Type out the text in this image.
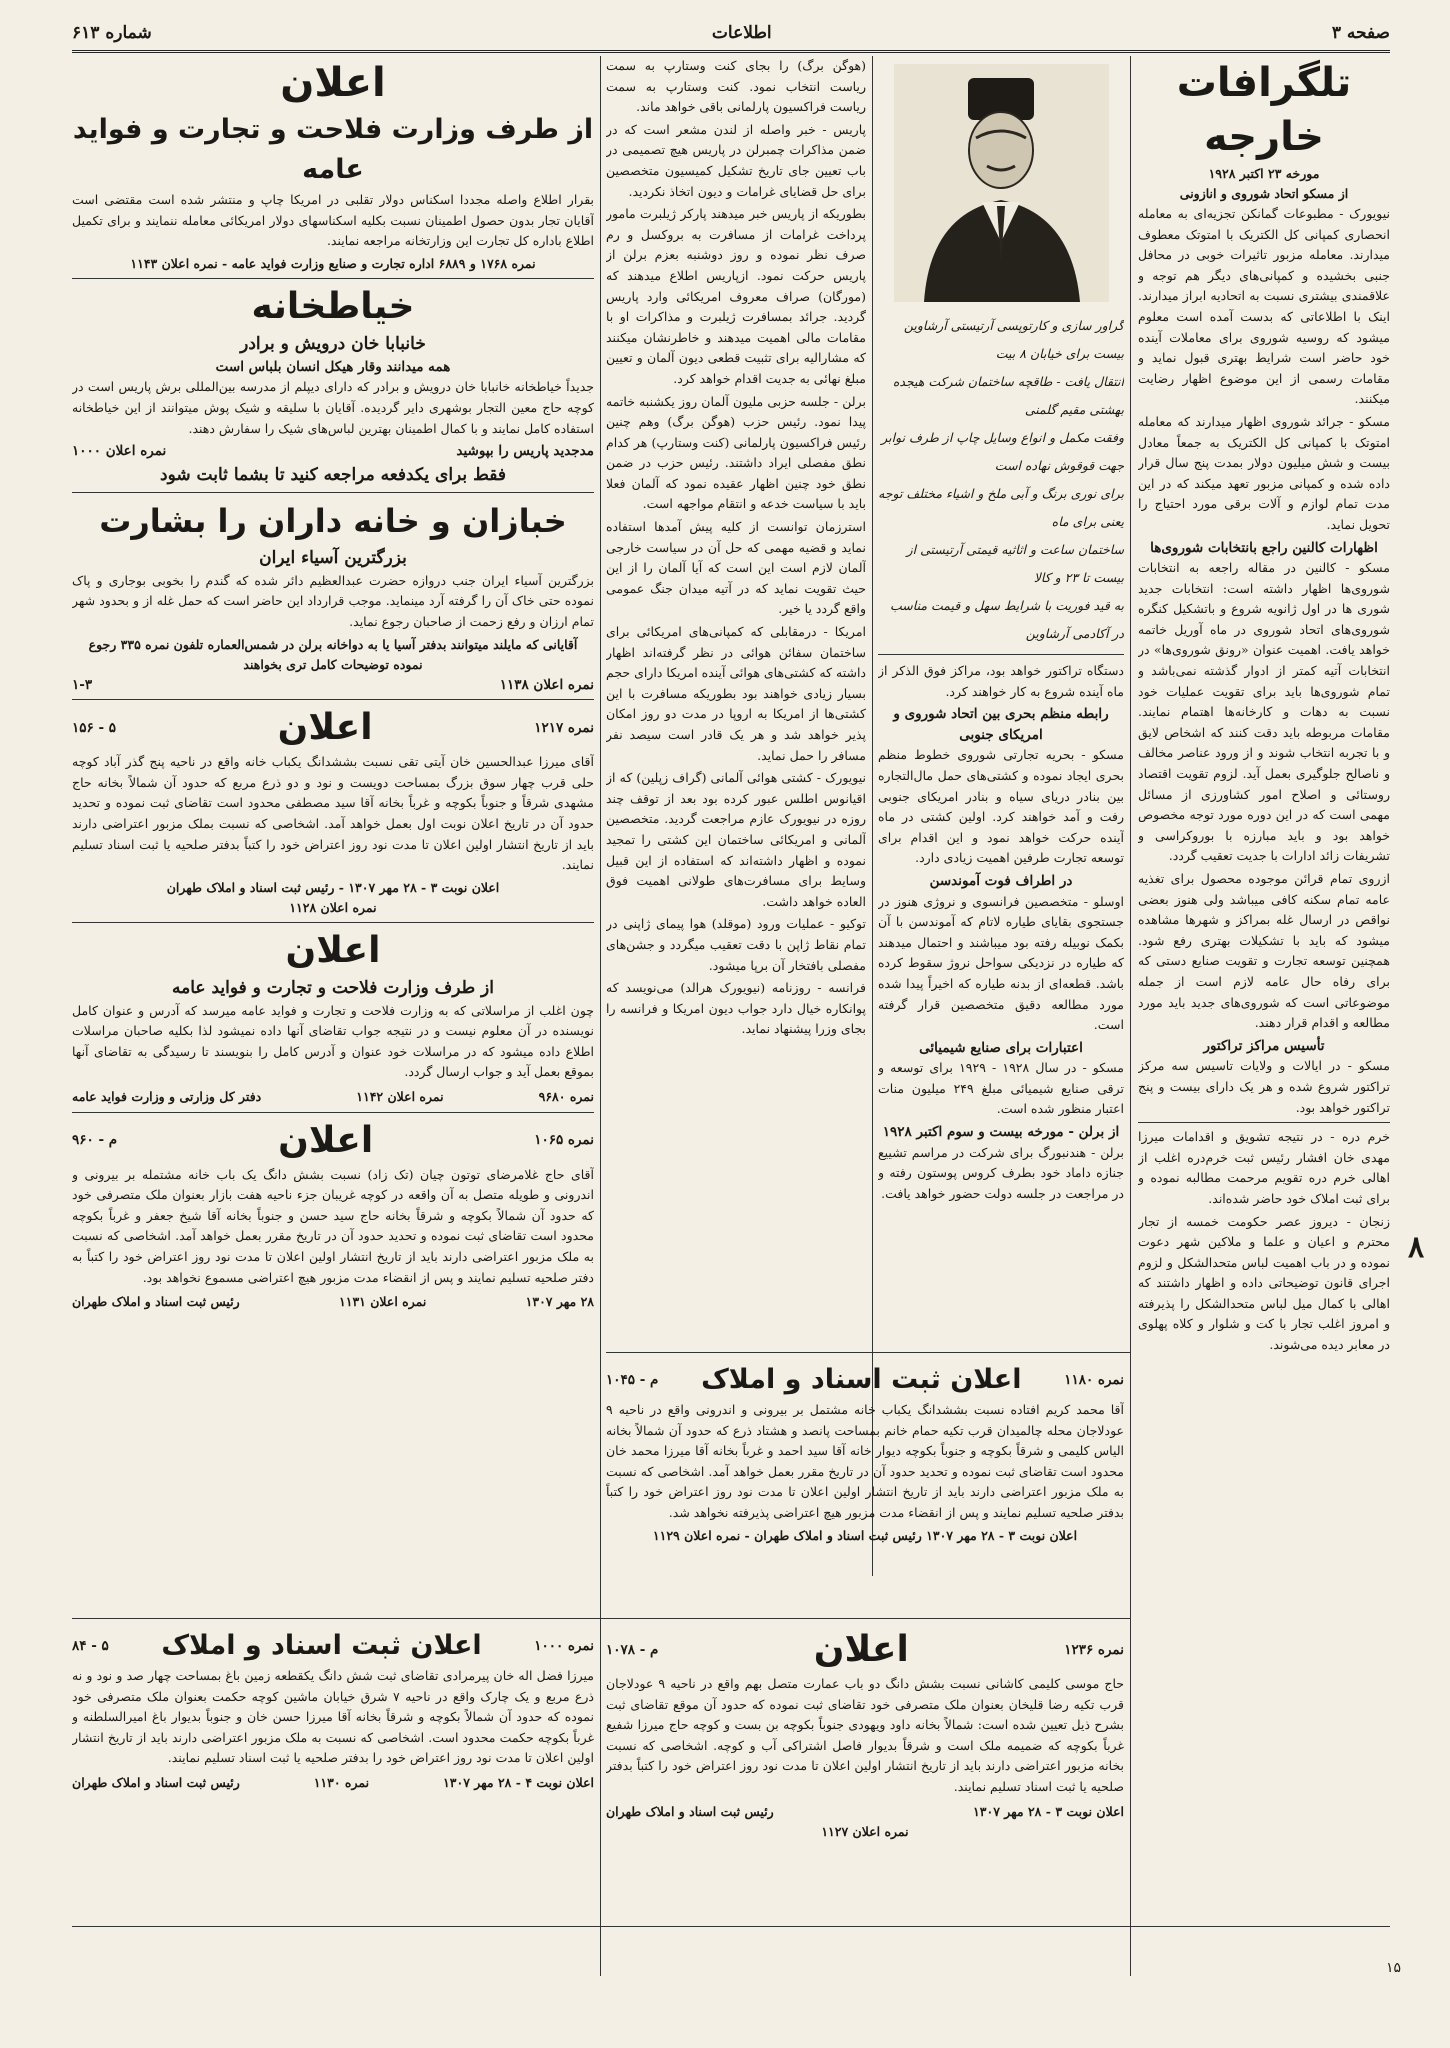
صفحه ۳
اطلاعات
شماره ۶۱۳
تلگرافات خارجه
مورخه ۲۳ اکتبر ۱۹۲۸
از مسکو اتحاد شوروی و انازونی

نیویورک - مطبوعات گمانکن تجزیه‌ای به معامله انحصاری کمپانی کل الکتریک با امتوتک معطوف میدارند. معامله مزبور تاثیرات خوبی در محافل جنبی بخشیده و کمپانی‌های دیگر هم توجه و علاقمندی بیشتری نسبت به اتحادیه ابراز میدارند. اینک با اطلاعاتی که بدست آمده است معلوم میشود که روسیه شوروی برای معاملات آینده خود حاضر است شرایط بهتری قبول نماید و مقامات رسمی از این موضوع اظهار رضایت میکنند.

مسکو - جرائد شوروی اظهار میدارند که معامله امتوتک با کمپانی کل الکتریک به جمعاً معادل بیست و شش میلیون دولار بمدت پنج سال قرار داده شده و کمپانی مزبور تعهد میکند که در این مدت تمام لوازم و آلات برقی مورد احتیاج را تحویل نماید.

اظهارات کالنین راجع بانتخابات شوروی‌ها

مسکو - کالنین در مقاله راجعه به انتخابات شوروی‌ها اظهار داشته است: انتخابات جدید شوری ها در اول ژانویه شروع و باتشکیل کنگره شوروی‌های اتحاد شوروی در ماه آوریل خاتمه خواهد یافت. اهمیت عنوان «رونق شوروی‌ها» در انتخابات آتیه کمتر از ادوار گذشته نمی‌باشد و تمام شوروی‌ها باید برای تقویت عملیات خود نسبت به دهات و کارخانه‌ها اهتمام نمایند. مقامات مربوطه باید دقت کنند که اشخاص لایق و با تجربه انتخاب شوند و از ورود عناصر مخالف و ناصالح جلوگیری بعمل آید. لزوم تقویت اقتصاد روستائی و اصلاح امور کشاورزی از مسائل مهمی است که در این دوره مورد توجه مخصوص خواهد بود و باید مبارزه با بوروکراسی و تشریفات زائد ادارات با جدیت تعقیب گردد.

ازروی تمام قرائن موجوده محصول برای تغذیه عامه تمام سکنه کافی میباشد ولی هنوز بعضی نواقص در ارسال غله بمراکز و شهرها مشاهده میشود که باید با تشکیلات بهتری رفع شود. همچنین توسعه تجارت و تقویت صنایع دستی که برای رفاه حال عامه لازم است از جمله موضوعاتی است که شوروی‌های جدید باید مورد مطالعه و اقدام قرار دهند.

تأسیس مراکز تراکتور

مسکو - در ایالات و ولایات تاسیس سه مرکز تراکتور شروع شده و هر یک دارای بیست و پنج تراکتور خواهد بود.

خرم دره - در نتیجه تشویق و اقدامات میرزا مهدی خان افشار رئیس ثبت خرم‌دره اغلب از اهالی خرم دره تقویم مرحمت مطالبه نموده و برای ثبت املاک خود حاضر شده‌اند.

زنجان - دیروز عصر حکومت خمسه از تجار محترم و اعیان و علما و ملاکین شهر دعوت نموده و در باب اهمیت لباس متحدالشکل و لزوم اجرای قانون توضیحاتی داده و اظهار داشتند که اهالی با کمال میل لباس متحدالشکل را پذیرفته و امروز اغلب تجار با کت و شلوار و کلاه پهلوی در معابر دیده می‌شوند.

گراور سازی و کارتوپسی آرتیستی آرشاوین بیست برای خیابان ۸ بیت
انتقال یافت - طاقچه ساختمان شرکت هیجده بهشتی مقیم گلمنی
وفقت مکمل و انواع وسایل چاپ از طرف نوابر جهت قوقوش نهاده است
برای نوری برنگ و آبی ملخ و اشیاء مختلف توجه یعنی برای ماه
ساختمان ساعت و اثاثیه قیمتی آرتیستی از بیست تا ۲۳ و کالا
به قید فوریت با شرایط سهل و قیمت مناسب در آکادمی آرشاوین

دستگاه تراکتور خواهد بود، مراکز فوق الذکر از ماه آینده شروع به کار خواهند کرد.

رابطه منظم بحری بین اتحاد شوروی و امریکای جنوبی

مسکو - بحریه تجارتی شوروی خطوط منظم بحری ایجاد نموده و کشتی‌های حمل مال‌التجاره بین بنادر دریای سیاه و بنادر امریکای جنوبی رفت و آمد خواهند کرد. اولین کشتی در ماه آینده حرکت خواهد نمود و این اقدام برای توسعه تجارت طرفین اهمیت زیادی دارد.

در اطراف فوت آموندسن

اوسلو - متخصصین فرانسوی و نروژی هنوز در جستجوی بقایای طیاره لاتام که آموندسن با آن بکمک نوبیله رفته بود میباشند و احتمال میدهند که طیاره در نزدیکی سواحل نروژ سقوط کرده باشد. قطعه‌ای از بدنه طیاره که اخیراً پیدا شده مورد مطالعه دقیق متخصصین قرار گرفته است.

اعتبارات برای صنایع شیمیائی

مسکو - در سال ۱۹۲۸ - ۱۹۲۹ برای توسعه و ترقی صنایع شیمیائی مبلغ ۲۴۹ میلیون منات اعتبار منظور شده است.

از برلن - مورخه بیست و سوم اکتبر ۱۹۲۸

برلن - هندنبورگ برای شرکت در مراسم تشییع جنازه داماد خود بطرف کروس پوستون رفته و در مراجعت در جلسه دولت حضور خواهد یافت.

(هوگن برگ) را بجای کنت وستارپ به سمت ریاست انتخاب نمود. کنت وستارپ به سمت ریاست فراکسیون پارلمانی باقی خواهد ماند.

پاریس - خبر واصله از لندن مشعر است که در ضمن مذاکرات چمبرلن در پاریس هیچ تصمیمی در باب تعیین جای تاریخ تشکیل کمیسیون متخصصین برای حل قضایای غرامات و دیون اتخاذ نکردید.

بطوریکه از پاریس خبر میدهند پارکر ژیلبرت مامور پرداخت غرامات از مسافرت به بروکسل و رم صرف نظر نموده و روز دوشنبه بعزم برلن از پاریس حرکت نمود. ازپاریس اطلاع میدهند که (مورگان) صراف معروف امریکائی وارد پاریس گردید. جرائد بمسافرت ژیلبرت و مذاکرات او با مقامات مالی اهمیت میدهند و خاطرنشان میکنند که مشارالیه برای تثبیت قطعی دیون آلمان و تعیین مبلغ نهائی به جدیت اقدام خواهد کرد.

برلن - جلسه حزبی ملیون آلمان روز یکشنبه خاتمه پیدا نمود. رئیس حزب (هوگن برگ) وهم چنین رئیس فراکسیون پارلمانی (کنت وستارپ) هر کدام نطق مفصلی ایراد داشتند. رئیس حزب در ضمن نطق خود چنین اظهار عقیده نمود که آلمان فعلا باید با سیاست خدعه و انتقام مواجهه است.

استرزمان توانست از کلیه پیش آمدها استفاده نماید و قضیه مهمی که حل آن در سیاست خارجی آلمان لازم است این است که آیا آلمان را از این حیث تقویت نماید که در آتیه میدان جنگ عمومی واقع گردد یا خیر.

امریکا - درمقابلی که کمپانی‌های امریکائی برای ساختمان سفائن هوائی در نظر گرفته‌اند اظهار داشته که کشتی‌های هوائی آینده امریکا دارای حجم بسیار زیادی خواهند بود بطوریکه مسافرت با این کشتی‌ها از امریکا به اروپا در مدت دو روز امکان پذیر خواهد شد و هر یک قادر است سیصد نفر مسافر را حمل نماید.

نیویورک - کشتی هوائی آلمانی (گراف زپلین) که از اقیانوس اطلس عبور کرده بود بعد از توقف چند روزه در نیویورک عازم مراجعت گردید. متخصصین آلمانی و امریکائی ساختمان این کشتی را تمجید نموده و اظهار داشته‌اند که استفاده از این قبیل وسایط برای مسافرت‌های طولانی اهمیت فوق العاده خواهد داشت.

توکیو - عملیات ورود (موقلد) هوا پیمای ژاپنی در تمام نقاط ژاپن با دقت تعقیب میگردد و جشن‌های مفصلی بافتخار آن برپا میشود.

فرانسه - روزنامه (نیویورک هرالد) می‌نویسد که پوانکاره خیال دارد جواب دیون امریکا و فرانسه را بجای وزرا پیشنهاد نماید.

نمره ۱۱۸۰
اعلان ثبت اسناد و املاک
م - ۱۰۴۵

آقا محمد کریم افتاده نسبت بششدانگ یکباب خانه مشتمل بر بیرونی و اندرونی واقع در ناحیه ۹ عودلاجان محله چالمیدان قرب تکیه حمام خانم بمساحت پانصد و هشتاد ذرع که حدود آن شمالاً بخانه الیاس کلیمی و شرقاً بکوچه و جنوباً بکوچه دیوار خانه آقا سید احمد و غرباً بخانه آقا میرزا محمد خان محدود است تقاضای ثبت نموده و تحدید حدود آن در تاریخ مقرر بعمل خواهد آمد. اشخاصی که نسبت به ملک مزبور اعتراضی دارند باید از تاریخ انتشار اولین اعلان تا مدت نود روز اعتراض خود را کتباً بدفتر صلحیه تسلیم نمایند و پس از انقضاء مدت مزبور هیچ اعتراضی پذیرفته نخواهد شد.

اعلان نوبت ۳ - ۲۸ مهر ۱۳۰۷ رئیس ثبت اسناد و املاک طهران - نمره اعلان ۱۱۲۹
اعلان
از طرف وزارت فلاحت و تجارت و فواید عامه

بقرار اطلاع واصله مجددا اسکناس دولار تقلبی در امریکا چاپ و منتشر شده است مقتضی است آقایان تجار بدون حصول اطمینان نسبت بکلیه اسکناسهای دولار امریکائی معامله ننمایند و برای تکمیل اطلاع باداره کل تجارت این وزارتخانه مراجعه نمایند.

نمره ۱۷۶۸ و ۶۸۸۹ اداره تجارت و صنایع وزارت فواید عامه - نمره اعلان ۱۱۴۳
خیاطخانه
خانبابا خان درویش و برادر
همه میدانند وقار هیکل انسان بلباس است

جدیداً خیاطخانه خانبابا خان درویش و برادر که دارای دیپلم از مدرسه بین‌المللی برش پاریس است در کوچه حاج معین التجار بوشهری دایر گردیده. آقایان با سلیقه و شیک پوش میتوانند از این خیاطخانه استفاده کامل نمایند و با کمال اطمینان بهترین لباس‌های شیک را سفارش دهند.

مدجدید پاریس را بپوشید
نمره اعلان ۱۰۰۰
فقط برای یکدفعه مراجعه کنید تا بشما ثابت شود
خبازان و خانه داران را بشارت
بزرگترین آسیاء ایران

بزرگترین آسیاء ایران جنب دروازه حضرت عبدالعظیم دائر شده که گندم را بخوبی بوجاری و پاک نموده حتی خاک آن را گرفته آرد مینماید. موجب قرارداد این حاضر است که حمل غله از و بحدود شهر تمام ارزان و رفع زحمت از صاحبان رجوع نماید.

آقایانی که مایلند میتوانند بدفتر آسیا یا به دواخانه برلن در شمس‌العماره تلفون نمره ۳۳۵ رجوع نموده توضیحات کامل تری بخواهند
نمره اعلان ۱۱۳۸
۱-۳
نمره ۱۲۱۷
اعلان
۵ - ۱۵۶

آقای میرزا عبدالحسین خان آیتی تقی نسبت بششدانگ یکباب خانه واقع در ناحیه پنج گذر آباد کوچه حلی قرب چهار سوق بزرگ بمساحت دویست و نود و دو ذرع مربع که حدود آن شمالاً بخانه حاج مشهدی شرقاً و جنوباً بکوچه و غرباً بخانه آقا سید مصطفی محدود است تقاضای ثبت نموده و تحدید حدود آن در تاریخ اعلان نوبت اول بعمل خواهد آمد. اشخاصی که نسبت بملک مزبور اعتراضی دارند باید از تاریخ انتشار اولین اعلان تا مدت نود روز اعتراض خود را کتباً بدفتر صلحیه یا ثبت اسناد تسلیم نمایند.

اعلان نوبت ۳ - ۲۸ مهر ۱۳۰۷ - رئیس ثبت اسناد و املاک طهران
نمره اعلان ۱۱۲۸
اعلان
از طرف وزارت فلاحت و تجارت و فواید عامه

چون اغلب از مراسلاتی که به وزارت فلاحت و تجارت و فواید عامه میرسد که آدرس و عنوان کامل نویسنده در آن معلوم نیست و در نتیجه جواب تقاضای آنها داده نمیشود لذا بکلیه صاحبان مراسلات اطلاع داده میشود که در مراسلات خود عنوان و آدرس کامل را بنویسند تا رسیدگی به تقاضای آنها بموقع بعمل آید و جواب ارسال گردد.

نمره ۹۶۸۰
نمره اعلان ۱۱۴۲
دفتر کل وزارتی و وزارت فواید عامه
نمره ۱۰۶۵
اعلان
م - ۹۶۰

آقای حاج غلامرضای توتون چیان (تک زاد) نسبت بشش دانگ یک باب خانه مشتمله بر بیرونی و اندرونی و طویله متصل به آن واقعه در کوچه غریبان جزء ناحیه هفت بازار بعنوان ملک متصرفی خود که حدود آن شمالاً بکوچه و شرقاً بخانه حاج سید حسن و جنوباً بخانه آقا شیخ جعفر و غرباً بکوچه محدود است تقاضای ثبت نموده و تحدید حدود آن در تاریخ مقرر بعمل خواهد آمد. اشخاصی که نسبت به ملک مزبور اعتراضی دارند باید از تاریخ انتشار اولین اعلان تا مدت نود روز اعتراض خود را کتباً به دفتر صلحیه تسلیم نمایند و پس از انقضاء مدت مزبور هیچ اعتراضی مسموع نخواهد بود.

۲۸ مهر ۱۳۰۷
نمره اعلان ۱۱۳۱
رئیس ثبت اسناد و املاک طهران
نمره ۱۲۳۶
اعلان
م - ۱۰۷۸

حاج موسی کلیمی کاشانی نسبت بشش دانگ دو باب عمارت متصل بهم واقع در ناحیه ۹ عودلاجان قرب تکیه رضا قلیخان بعنوان ملک متصرفی خود تقاضای ثبت نموده که حدود آن موقع تقاضای ثبت بشرح ذیل تعیین شده است: شمالاً بخانه داود ویهودی جنوباً بکوچه بن بست و کوچه حاج میرزا شفیع غرباً بکوچه که ضمیمه ملک است و شرقاً بدیوار فاصل اشتراکی آب و کوچه. اشخاصی که نسبت بخانه مزبور اعتراضی دارند باید از تاریخ انتشار اولین اعلان تا مدت نود روز اعتراض خود را کتباً بدفتر صلحیه یا ثبت اسناد تسلیم نمایند.

اعلان نوبت ۳ - ۲۸ مهر ۱۳۰۷
رئیس ثبت اسناد و املاک طهران
نمره اعلان ۱۱۲۷
نمره ۱۰۰۰
اعلان ثبت اسناد و املاک
۵ - ۸۴

میرزا فضل اله خان پیرمرادی تقاضای ثبت شش دانگ یکقطعه زمین باغ بمساحت چهار صد و نود و نه ذرع مربع و یک چارک واقع در ناحیه ۷ شرق خیابان ماشین کوچه حکمت بعنوان ملک متصرفی خود نموده که حدود آن شمالاً بکوچه و شرقاً بخانه آقا میرزا حسن خان و جنوباً بدیوار باغ امیرالسلطنه و غرباً بکوچه حکمت محدود است. اشخاصی که نسبت به ملک مزبور اعتراضی دارند باید از تاریخ انتشار اولین اعلان تا مدت نود روز اعتراض خود را بدفتر صلحیه یا ثبت اسناد تسلیم نمایند.

اعلان نوبت ۴ - ۲۸ مهر ۱۳۰۷
نمره ۱۱۳۰
رئیس ثبت اسناد و املاک طهران
۸
۱۵
